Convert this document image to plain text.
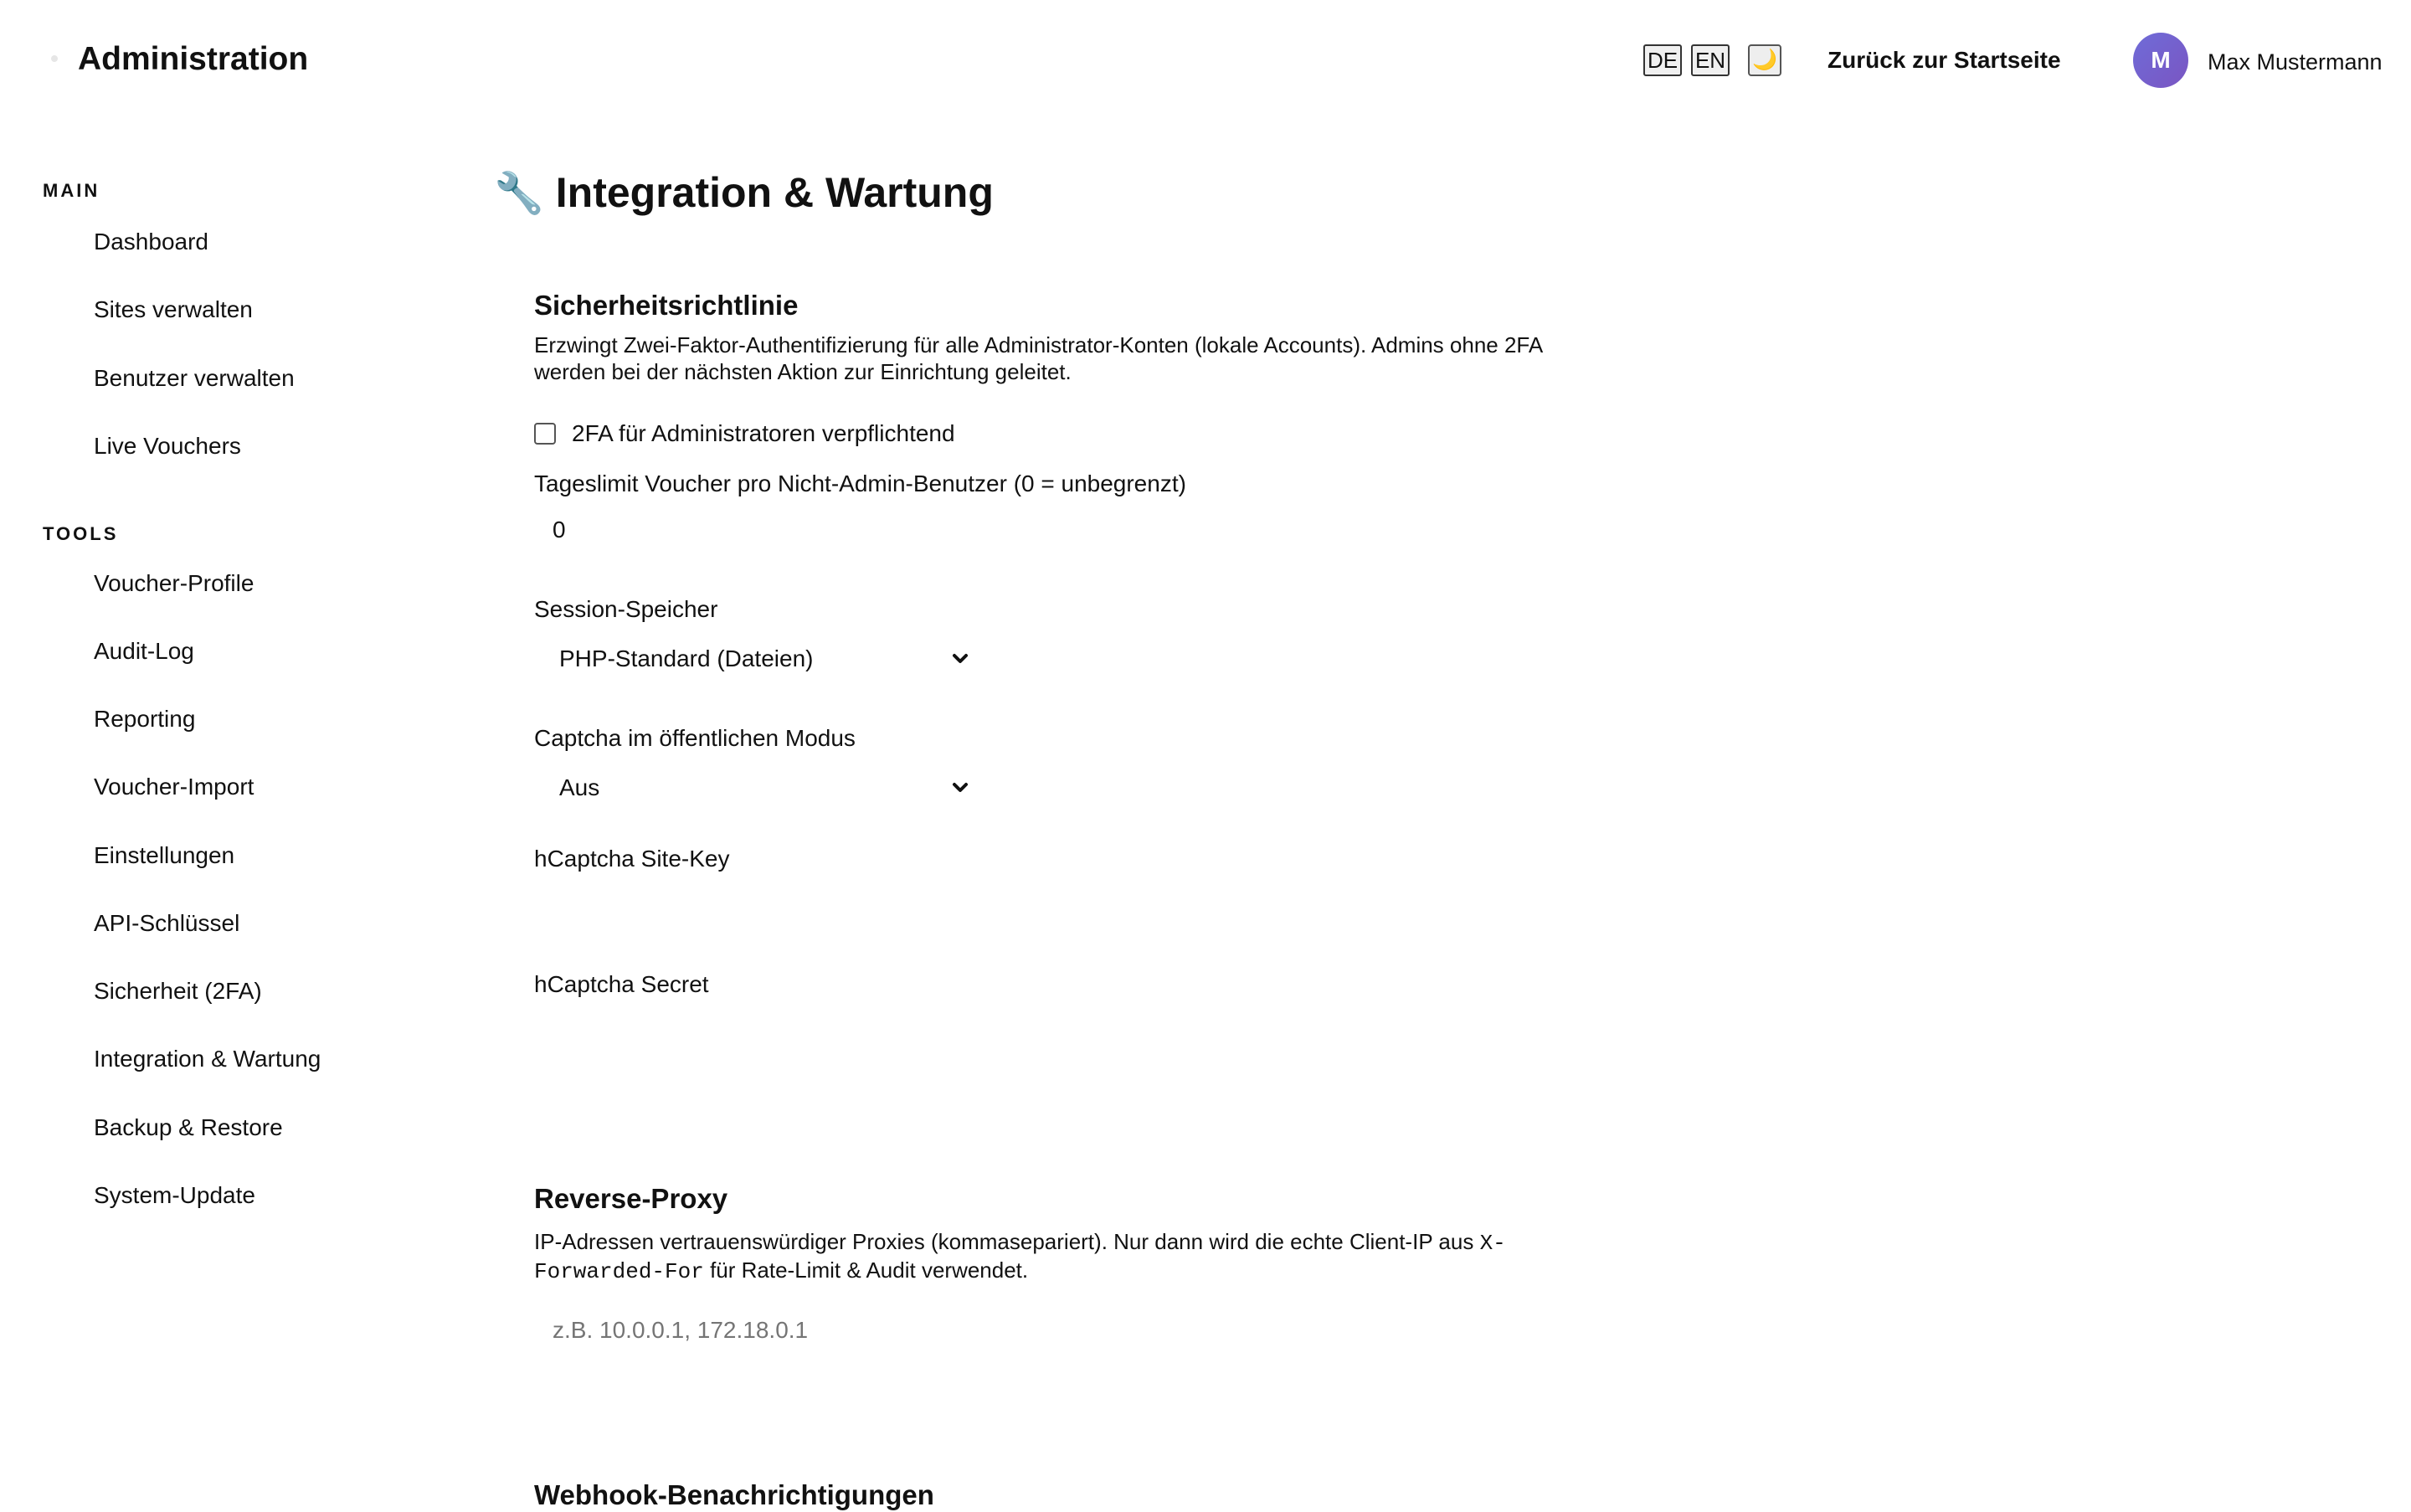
Administration	DE EN 🌙 Zurück zur Startseite	M	Max Mustermann
MAIN
Dashboard
Sites verwalten
Benutzer verwalten
Live Vouchers
TOOLS
Voucher-Profile
Audit-Log
Reporting
Voucher-Import
Einstellungen
API-Schlüssel
Sicherheit (2FA)
Integration & Wartung
Backup & Restore
System-Update
🔧 Integration & Wartung
Sicherheitsrichtlinie
Erzwingt Zwei-Faktor-Authentifizierung für alle Administrator-Konten (lokale Accounts). Admins ohne 2FA werden bei der nächsten Aktion zur Einrichtung geleitet.
2FA für Administratoren verpflichtend
Tageslimit Voucher pro Nicht-Admin-Benutzer (0 = unbegrenzt)
0
Session-Speicher
PHP-Standard (Dateien)
Captcha im öffentlichen Modus
Aus
hCaptcha Site-Key
hCaptcha Secret
Reverse-Proxy
IP-Adressen vertrauenswürdiger Proxies (kommasepariert). Nur dann wird die echte Client-IP aus X-Forwarded-For für Rate-Limit & Audit verwendet.
z.B. 10.0.0.1, 172.18.0.1
Webhook-Benachrichtigungen
